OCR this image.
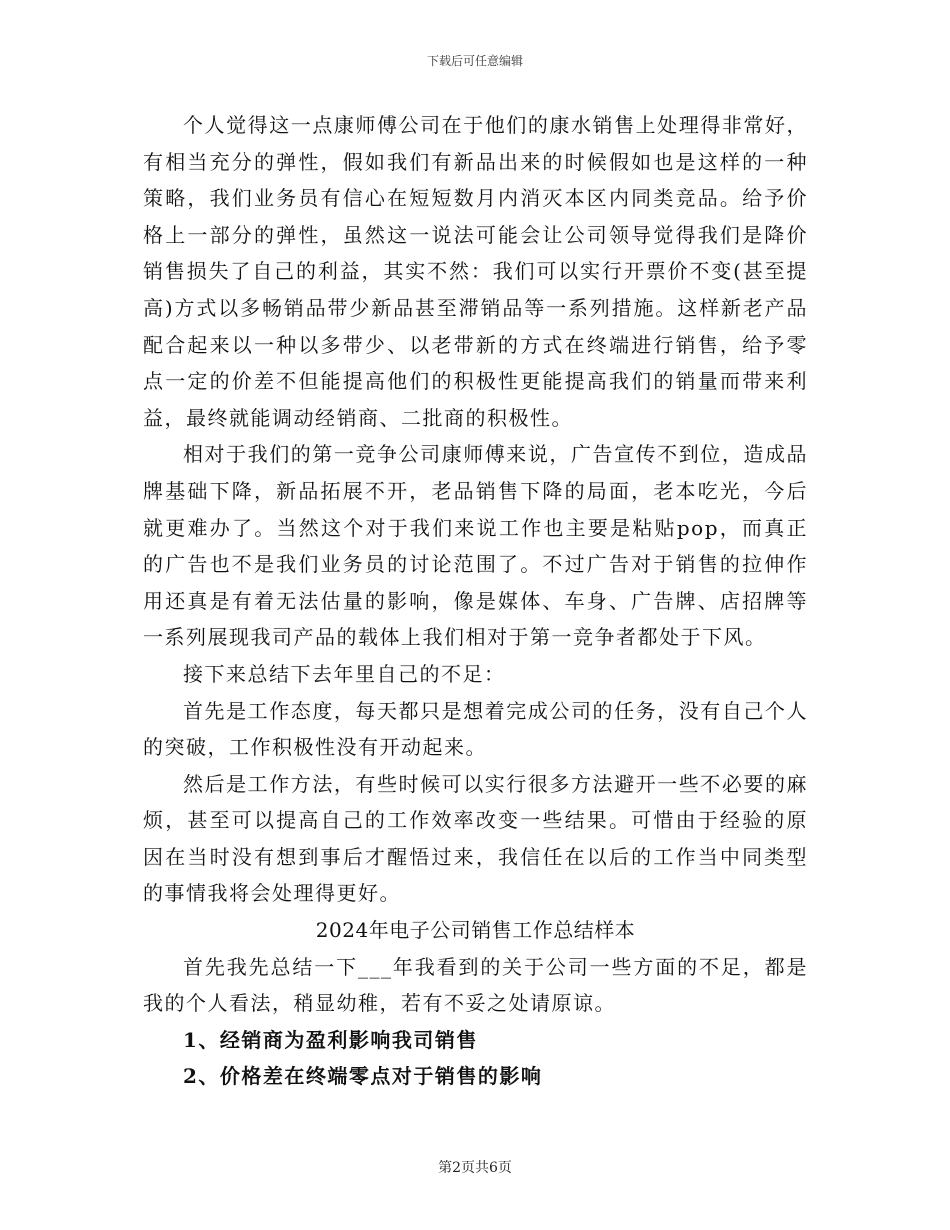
下载后可任意编辑

个人觉得这一点康师傅公司在于他们的康水销售上处理得非常好，有相当充分的弹性，假如我们有新品出来的时候假如也是这样的一种策略，我们业务员有信心在短短数月内消灭本区内同类竞品。给予价格上一部分的弹性，虽然这一说法可能会让公司领导觉得我们是降价销售损失了自己的利益，其实不然：我们可以实行开票价不变(甚至提高)方式以多畅销品带少新品甚至滞销品等一系列措施。这样新老产品配合起来以一种以多带少、以老带新的方式在终端进行销售，给予零点一定的价差不但能提高他们的积极性更能提高我们的销量而带来利益，最终就能调动经销商、二批商的积极性。

相对于我们的第一竞争公司康师傅来说，广告宣传不到位，造成品牌基础下降，新品拓展不开，老品销售下降的局面，老本吃光，今后就更难办了。当然这个对于我们来说工作也主要是粘贴pop，而真正的广告也不是我们业务员的讨论范围了。不过广告对于销售的拉伸作用还真是有着无法估量的影响，像是媒体、车身、广告牌、店招牌等一系列展现我司产品的载体上我们相对于第一竞争者都处于下风。

接下来总结下去年里自己的不足：

首先是工作态度，每天都只是想着完成公司的任务，没有自己个人的突破，工作积极性没有开动起来。

然后是工作方法，有些时候可以实行很多方法避开一些不必要的麻烦，甚至可以提高自己的工作效率改变一些结果。可惜由于经验的原因在当时没有想到事后才醒悟过来，我信任在以后的工作当中同类型的事情我将会处理得更好。

2024年电子公司销售工作总结样本

首先我先总结一下___年我看到的关于公司一些方面的不足，都是我的个人看法，稍显幼稚，若有不妥之处请原谅。

1、经销商为盈利影响我司销售

2、价格差在终端零点对于销售的影响

第2页共6页
